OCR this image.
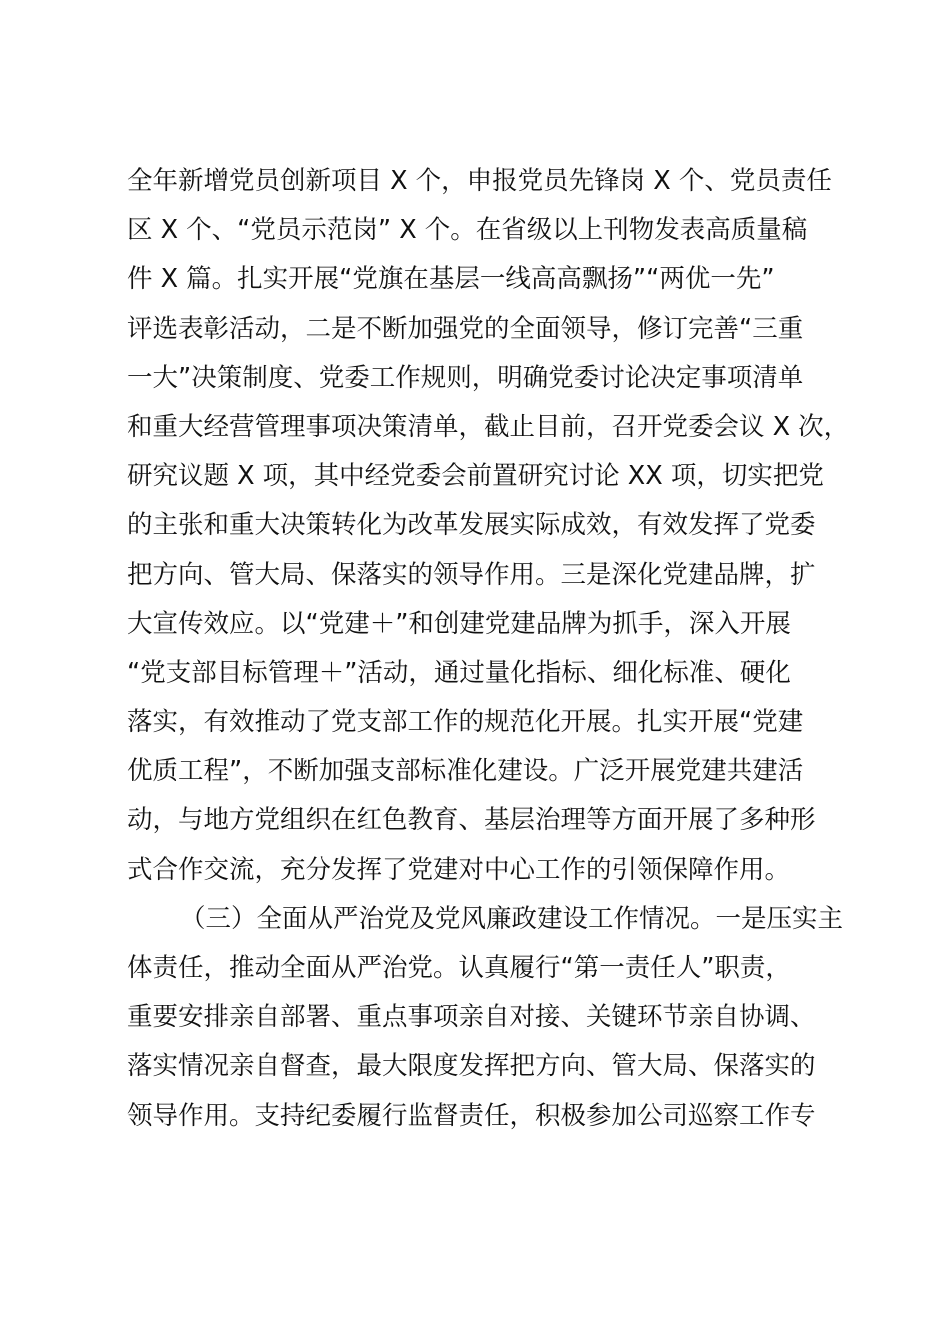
全年新增党员创新项目 X 个，申报党员先锋岗 X 个、党员责任
区 X 个、“党员示范岗” X 个。在省级以上刊物发表高质量稿
件 X 篇。扎实开展“党旗在基层一线高高飘扬”“两优一先”
评选表彰活动，二是不断加强党的全面领导，修订完善“三重
一大”决策制度、党委工作规则，明确党委讨论决定事项清单
和重大经营管理事项决策清单，截止目前，召开党委会议 X 次，
研究议题 X 项，其中经党委会前置研究讨论 XX 项，切实把党
的主张和重大决策转化为改革发展实际成效，有效发挥了党委
把方向、管大局、保落实的领导作用。三是深化党建品牌，扩
大宣传效应。以“党建＋”和创建党建品牌为抓手，深入开展
“党支部目标管理＋”活动，通过量化指标、细化标准、硬化
落实，有效推动了党支部工作的规范化开展。扎实开展“党建
优质工程”，不断加强支部标准化建设。广泛开展党建共建活
动，与地方党组织在红色教育、基层治理等方面开展了多种形
式合作交流，充分发挥了党建对中心工作的引领保障作用。
（三）全面从严治党及党风廉政建设工作情况。一是压实主
体责任，推动全面从严治党。认真履行“第一责任人”职责，
重要安排亲自部署、重点事项亲自对接、关键环节亲自协调、
落实情况亲自督查，最大限度发挥把方向、管大局、保落实的
领导作用。支持纪委履行监督责任，积极参加公司巡察工作专
